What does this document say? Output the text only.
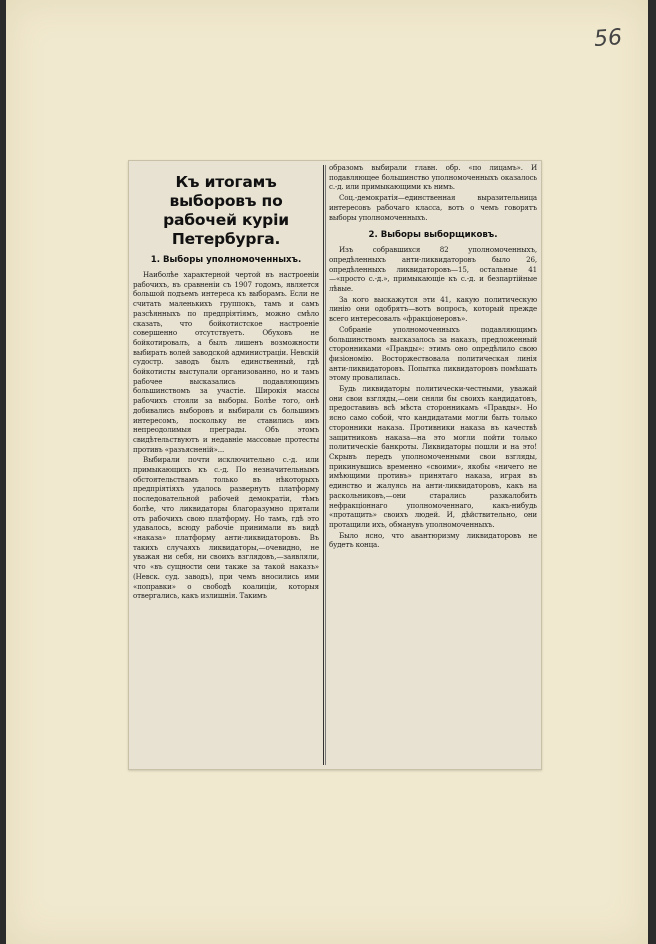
56
Къ итогамъ выборовъ по рабочей куріи Петербурга.
1. Выборы уполномоченныхъ.

Наиболѣе характерной чертой въ настроеніи рабочихъ, въ сравненіи съ 1907 годомъ, является большой подъемъ интереса къ выборамъ. Если не считать маленькихъ группокъ, тамъ и самъ разсѣянныхъ по предпріятіямъ, можно смѣло сказать, что бойкотистское настроеніе совершенно отсутствуетъ. Обуховъ не бойкотировалъ, а былъ лишенъ возможности выбирать волей заводской администраціи. Невскій судостр. заводъ былъ единственный, гдѣ бойкотисты выступали организованно, но и тамъ рабочее высказались подавляющимъ большинствомъ за участіе. Широкія массы рабочихъ стояли за выборы. Болѣе того, онѣ добивались выборовъ и выбирали съ большимъ интересомъ, поскольку не ставились имъ непреодолимыя преграды. Объ этомъ свидѣтельствуютъ и недавніе массовые протесты противъ «разъясненій»...

Выбирали почти исключительно с.-д. или примыкающихъ къ с.-д. По незначительнымъ обстоятельствамъ только въ нѣкоторыхъ предпріятіяхъ удалось развернуть платформу последовательной рабочей демократіи, тѣмъ болѣе, что ликвидаторы благоразумно прятали отъ рабочихъ свою платформу. Но тамъ, гдѣ это удавалось, всюду рабочіе принимали въ видѣ «наказа» платформу анти-ликвидаторовъ. Въ такихъ случаяхъ ликвидаторы,—очевидно, не уважая ни себя, ни своихъ взглядовъ,—заявляли, что «въ сущности они также за такой наказъ» (Невск. суд. заводъ), при чемъ вносились ими «поправки» о свободѣ коалиціи, которыя отвергались, какъ излишнія. Такимъ

образомъ выбирали главн. обр. «по лицамъ». И подавляющее большинство уполномоченныхъ оказалось с.-д. или примыкающими къ нимъ.

Соц.-демократія—единственная выразительница интересовъ рабочаго класса, вотъ о чемъ говорятъ выборы уполномоченныхъ.

2. Выборы выборщиковъ.

Изъ собравшихся 82 уполномоченныхъ, опредѣленныхъ анти-ликвидаторовъ было 26, опредѣленныхъ ликвидаторовъ—15, остальные 41—«просто с.-д.», примыкающіе къ с.-д. и безпартійные лѣвые.

За кого выскажутся эти 41, какую политическую линію они одобрятъ—вотъ вопросъ, который прежде всего интересовалъ «фракціонеровъ».

Собраніе уполномоченныхъ подавляющимъ большинствомъ высказалось за наказъ, предложенный сторонниками «Правды»: этимъ оно опредѣлило свою физіономію. Восторжествовала политическая линія анти-ликвидаторовъ. Попытка ликвидаторовъ помѣшать этому провалилась.

Будь ликвидаторы политически-честными, уважай они свои взгляды,—они сняли бы своихъ кандидатовъ, предоставивъ всѣ мѣста сторонникамъ «Правды». Но ясно само собой, что кандидатами могли быть только сторонники наказа. Противники наказа въ качествѣ защитниковъ наказа—на это могли пойти только политическіе банкроты. Ликвидаторы пошли и на это! Скрывъ передъ уполномоченными свои взгляды, прикинувшись временно «своими», якобы «ничего не имѣющими противъ» принятаго наказа, играя въ единство и жалуясь на анти-ликвидаторовъ, какъ на раскольниковъ,—они старались разжалобить нефракціоннаго уполномоченнаго, какъ-нибудь «протащить» своихъ людей. И, дѣйствительно, они протащили ихъ, обманувъ уполномоченныхъ.

Было ясно, что авантюризму ликвидаторовъ не будетъ конца.
